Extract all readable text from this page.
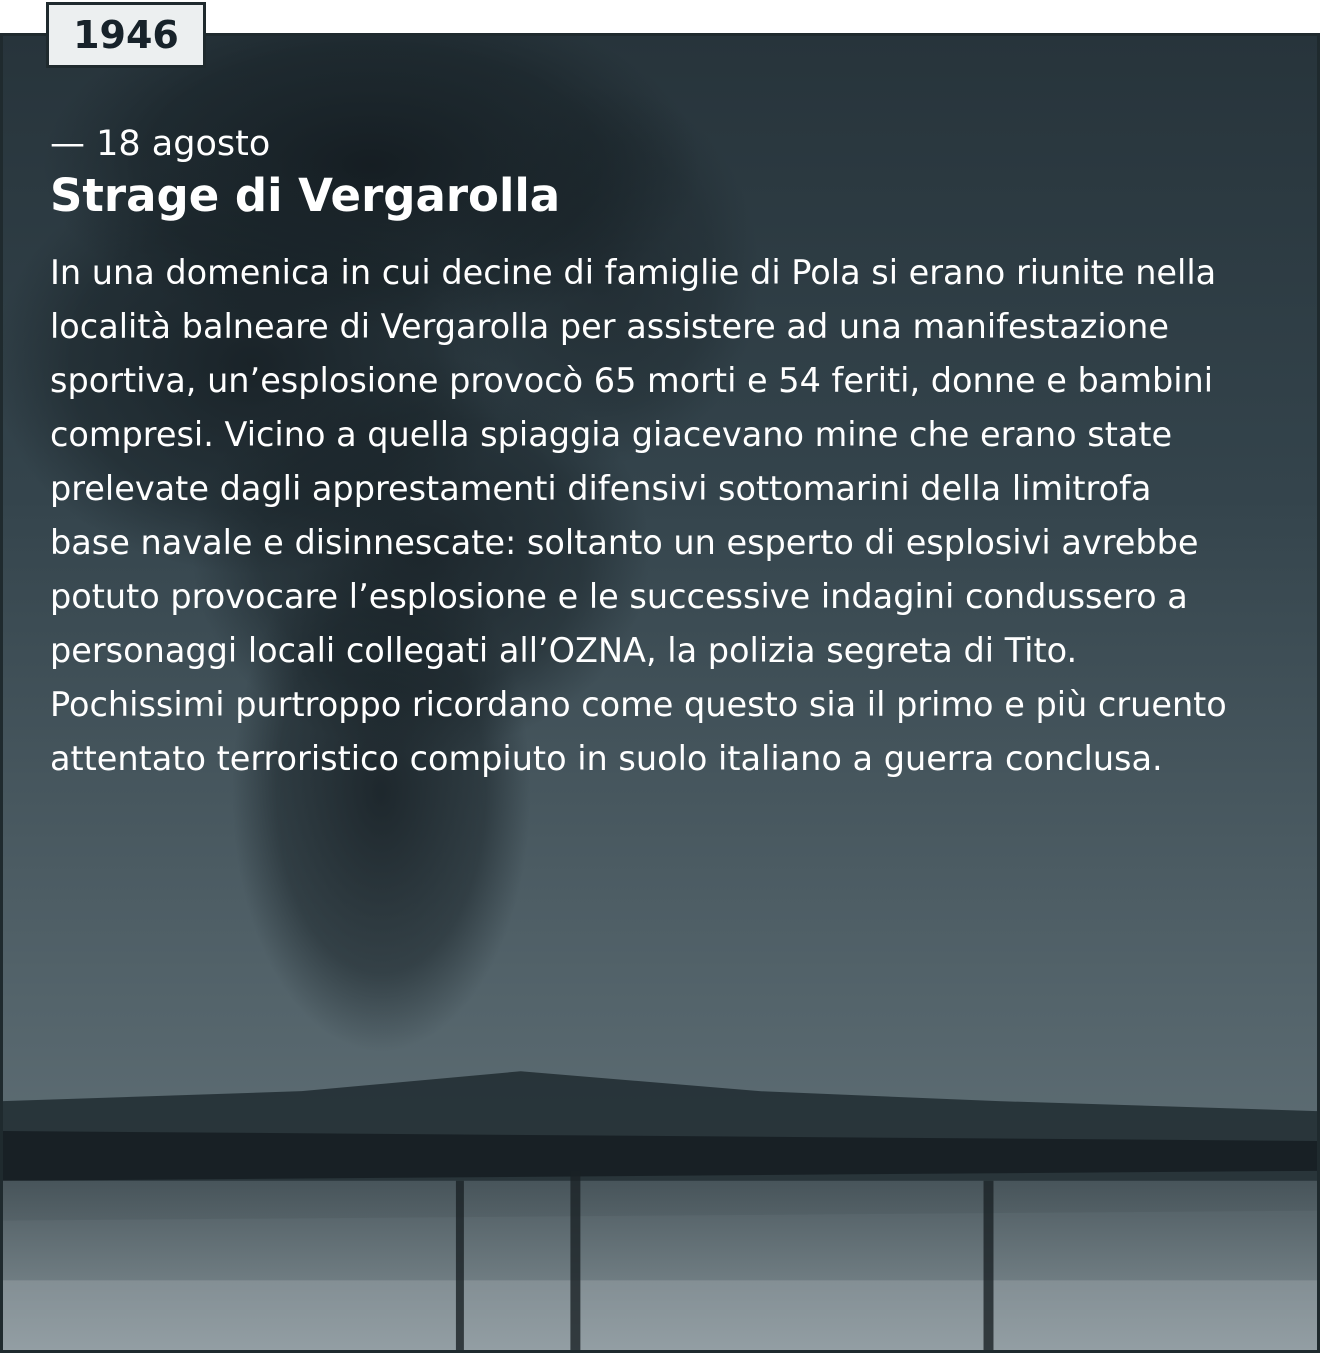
1946

— 18 agosto

Strage di Vergarolla

In una domenica in cui decine di famiglie di Pola si erano riunite nella località balneare di Vergarolla per assistere ad una manifestazione sportiva, un’esplosione provocò 65 morti e 54 feriti, donne e bambini compresi. Vicino a quella spiaggia giacevano mine che erano state prelevate dagli apprestamenti difensivi sottomarini della limitrofa base navale e disinnescate: soltanto un esperto di esplosivi avrebbe potuto provocare l’esplosione e le successive indagini condussero a personaggi locali collegati all’OZNA, la polizia segreta di Tito. Pochissimi purtroppo ricordano come questo sia il primo e più cruento attentato terroristico compiuto in suolo italiano a guerra conclusa.
